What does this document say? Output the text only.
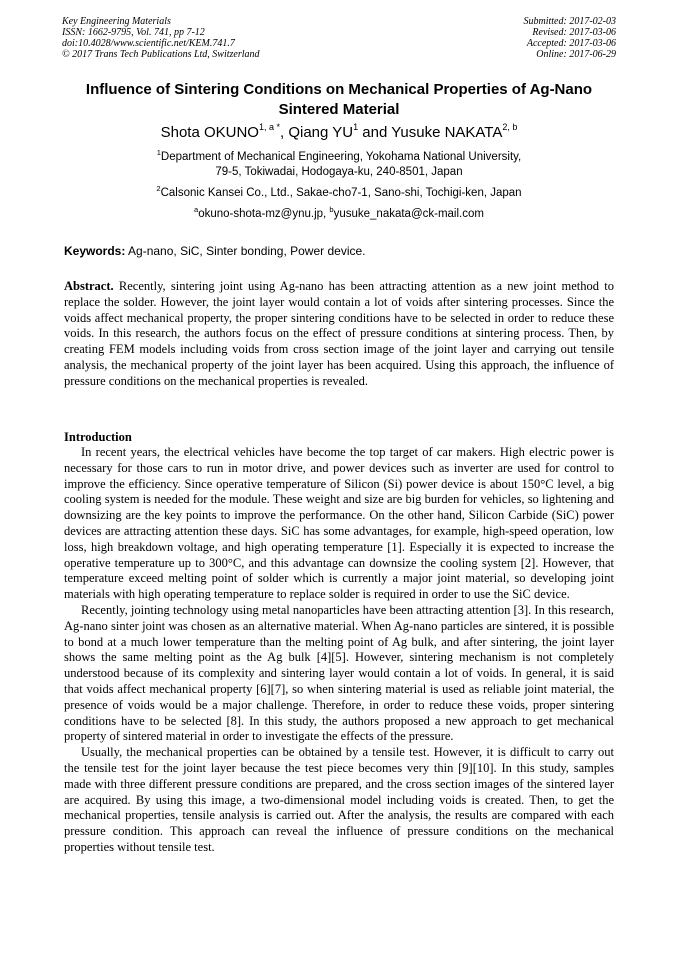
Key Engineering Materials
ISSN: 1662-9795, Vol. 741, pp 7-12
doi:10.4028/www.scientific.net/KEM.741.7
© 2017 Trans Tech Publications Ltd, Switzerland
Submitted: 2017-02-03
Revised: 2017-03-06
Accepted: 2017-03-06
Online: 2017-06-29
Influence of Sintering Conditions on Mechanical Properties of Ag-Nano
Sintered Material
Shota $OKUNO^{1, a *}$, Qiang $YU^1$ and Yusuke NAKATA$^{2, b}$
$^1$Department of Mechanical Engineering, Yokohama National University,
79-5, Tokiwadai, Hodogaya-ku, 240-8501, Japan
$^2$Calsonic Kansei Co., Ltd., Sakae-cho7-1, Sano-shi, Tochigi-ken, Japan
$^a$okuno-shota-mz@ynu.jp, $^b$yusuke_nakata@ck-mail.com
Keywords: Ag-nano, SiC, Sinter bonding, Power device.
Abstract. Recently, sintering joint using Ag-nano has been attracting attention as a new joint method to replace the solder. However, the joint layer would contain a lot of voids after sintering processes. Since the voids affect mechanical property, the proper sintering conditions have to be selected in order to reduce these voids. In this research, the authors focus on the effect of pressure conditions at sintering process. Then, by creating FEM models including voids from cross section image of the joint layer and carrying out tensile analysis, the mechanical property of the joint layer has been acquired. Using this approach, the influence of pressure conditions on the mechanical properties is revealed.
Introduction

In recent years, the electrical vehicles have become the top target of car makers. High electric power is necessary for those cars to run in motor drive, and power devices such as inverter are used for control to improve the efficiency. Since operative temperature of Silicon (Si) power device is about 150°C level, a big cooling system is needed for the module. These weight and size are big burden for vehicles, so lightening and downsizing are the key points to improve the performance. On the other hand, Silicon Carbide (SiC) power devices are attracting attention these days. SiC has some advantages, for example, high-speed operation, low loss, high breakdown voltage, and high operating temperature [1]. Especially it is expected to increase the operative temperature up to 300°C, and this advantage can downsize the cooling system [2]. However, that temperature exceed melting point of solder which is currently a major joint material, so developing joint materials with high operating temperature to replace solder is required in order to use the SiC device.

Recently, jointing technology using metal nanoparticles have been attracting attention [3]. In this research, Ag-nano sinter joint was chosen as an alternative material. When Ag-nano particles are sintered, it is possible to bond at a much lower temperature than the melting point of Ag bulk, and after sintering, the joint layer shows the same melting point as the Ag bulk [4][5]. However, sintering mechanism is not completely understood because of its complexity and sintering layer would contain a lot of voids. In general, it is said that voids affect mechanical property [6][7], so when sintering material is used as reliable joint material, the presence of voids would be a major challenge. Therefore, in order to reduce these voids, proper sintering conditions have to be selected [8]. In this study, the authors proposed a new approach to get mechanical property of sintered material in order to investigate the effects of the pressure.

Usually, the mechanical properties can be obtained by a tensile test. However, it is difficult to carry out the tensile test for the joint layer because the test piece becomes very thin [9][10]. In this study, samples made with three different pressure conditions are prepared, and the cross section images of the sintered layer are acquired. By using this image, a two-dimensional model including voids is created. Then, to get the mechanical properties, tensile analysis is carried out. After the analysis, the results are compared with each pressure condition. This approach can reveal the influence of pressure conditions on the mechanical properties without tensile test.
